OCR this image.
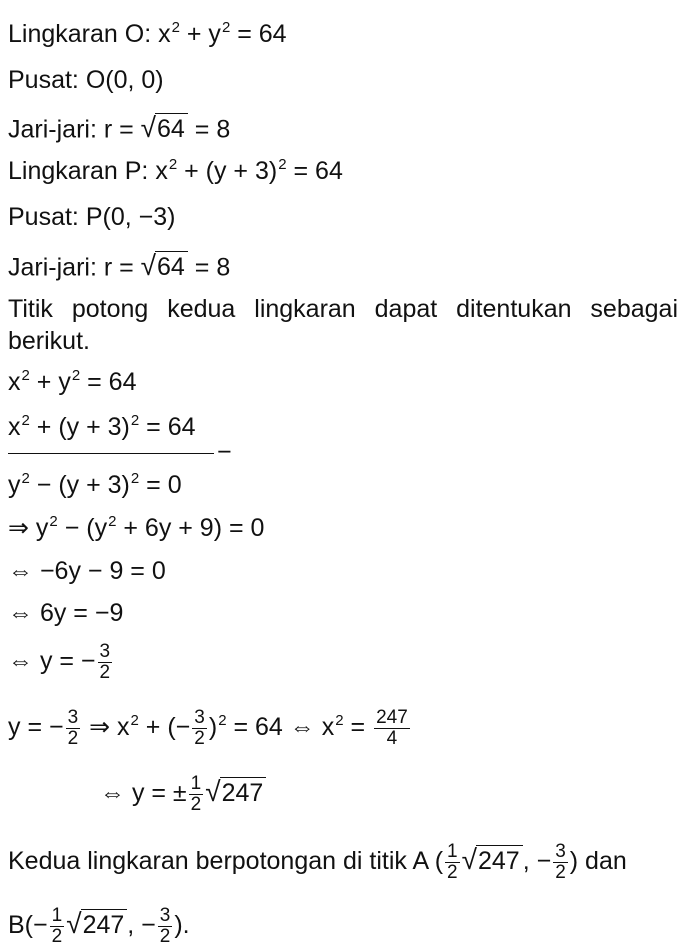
Lingkaran O: $x^2 + y^2 = 64$
Pusat: O(0, 0)
Jari-jari: r = √ 64 = 8
Lingkaran P: $x^2 + (y + 3)^2 = 64$
Pusat: P(0, −3)
Jari-jari: r = √ 64 = 8
Titik potong kedua lingkaran dapat ditentukan sebagai
berikut.
$x^2 + y^2 = 64$
$x^2 + (y + 3)^2 = 64$
−
$y^2 - (y + 3)^2 = 0$
⇒ $y^2 - (y^2 + 6y + 9) = 0$
⇔ −6y − 9 = 0
⇔ 6y = −9
⇔ y = − $\frac{3}{2}$
y = − $\frac{3}{2}$ ⇒ $x^2$ + (− $\frac{3}{2} )^2 = 64$ ⇔ $x^2 = \frac{247}{4}$
⇔ y = ± $\frac{1}{2}$ √ 247
Kedua lingkaran berpotongan di titik A ( $\frac{1}{2}$ √ 247 , − $\frac{3}{2}$ ) dan
$B(- \frac{1}{2}$ √ 247 , − $\frac{3}{2}$ ).
